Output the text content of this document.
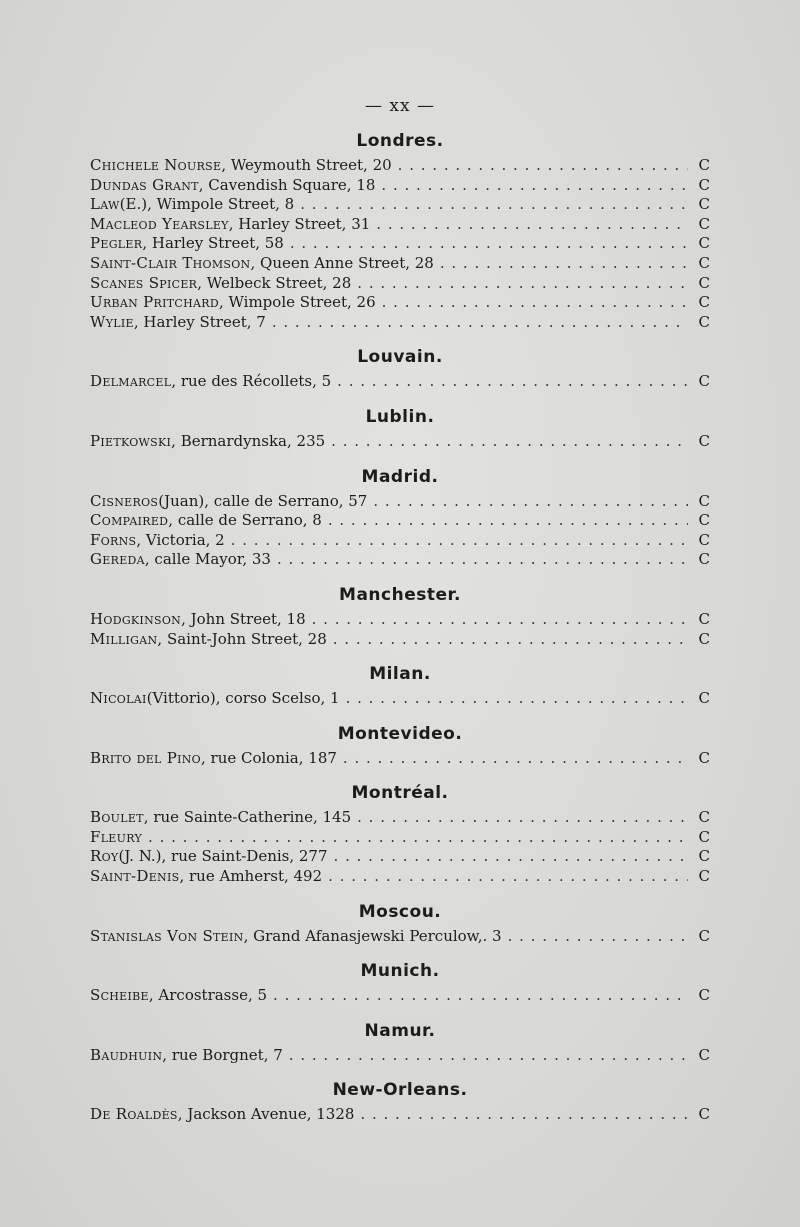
— xx —
Londres.
Chichele Nourse , Weymouth Street, 20 . . .	C
Dundas Grant , Cavendish Square, 18 . . .	C
Law (E.), Wimpole Street, 8 . . .	C
Macleod Yearsley , Harley Street, 31 . . .	C
Pegler , Harley Street, 58 . . .	C
Saint-Clair Thomson , Queen Anne Street, 28 . . .	C
Scanes Spicer , Welbeck Street, 28 . . .	C
Urban Pritchard , Wimpole Street, 26 . . .	C
Wylie , Harley Street, 7 . . .	C
Louvain.
Delmarcel , rue des Récollets, 5 . . .	C
Lublin.
Pietkowski , Bernardynska, 235 . . .	C
Madrid.
Cisneros (Juan), calle de Serrano, 57 . . .	C
Compaired , calle de Serrano, 8 . . .	C
Forns , Victoria, 2 . . .	C
Gereda , calle Mayor, 33 . . .	C
Manchester.
Hodgkinson , John Street, 18 . . .	C
Milligan , Saint-John Street, 28 . . .	C
Milan.
Nicolai (Vittorio), corso Scelso, 1 . . .	C
Montevideo.
Brito del Pino , rue Colonia, 187 . . .	C
Montréal.
Boulet , rue Sainte-Catherine, 145 . . .	C
Fleury . . .	C
Roy (J. N.), rue Saint-Denis, 277 . . .	C
Saint-Denis , rue Amherst, 492 . . .	C
Moscou.
Stanislas Von Stein , Grand Afanasjewski Perculow,. 3 . . .	C
Munich.
Scheibe , Arcostrasse, 5 . . .	C
Namur.
Baudhuin , rue Borgnet, 7 . . .	C
New-Orleans.
De Roaldès , Jackson Avenue, 1328 . . .	C
